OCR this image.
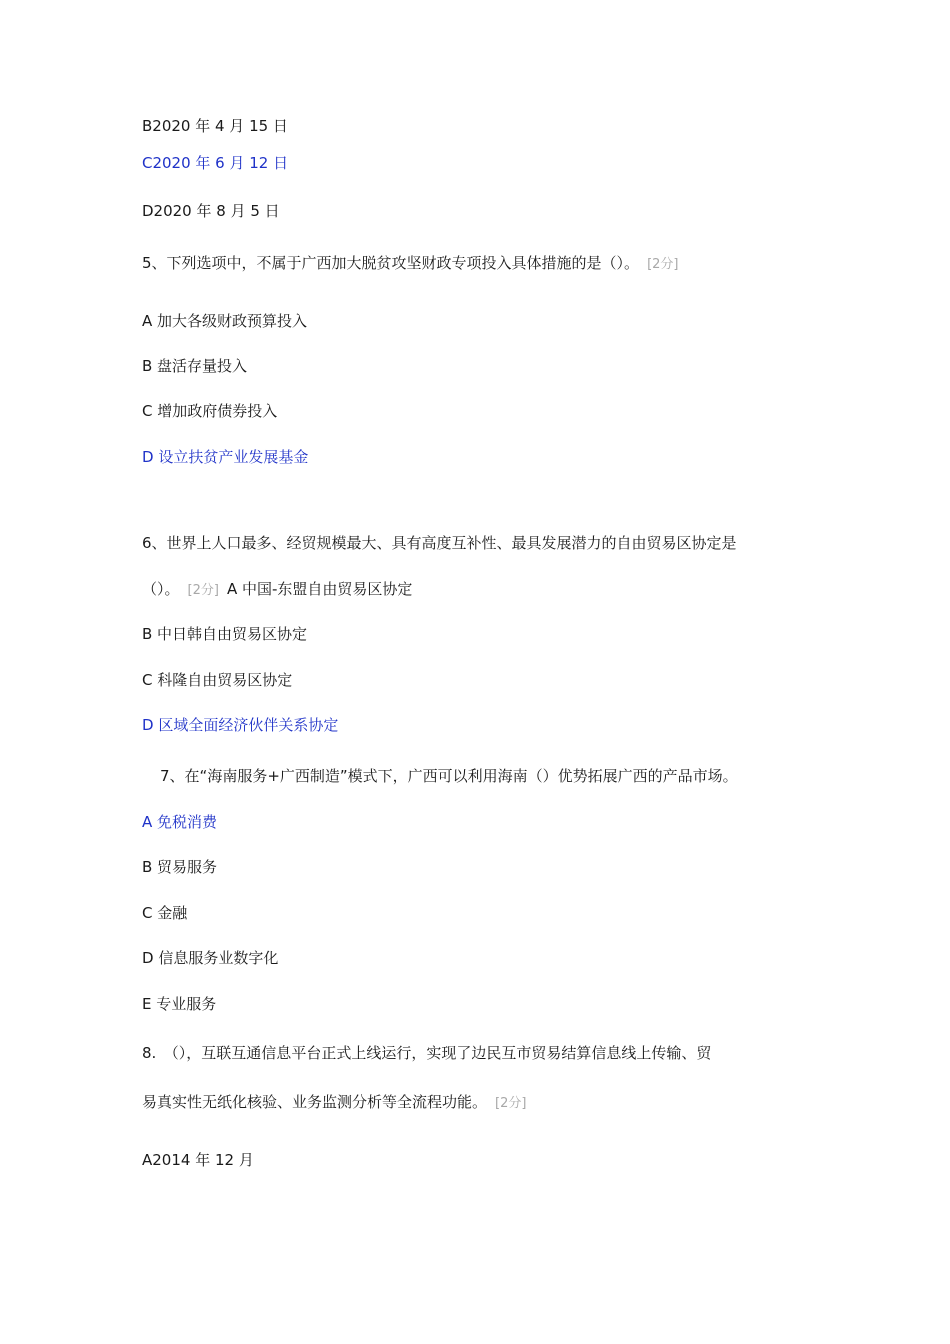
B2020 年 4 月 15 日
C2020 年 6 月 12 日
D2020 年 8 月 5 日
5、下列选项中，不属于广西加大脱贫攻坚财政专项投入具体措施的是（）。 [2分]
A 加大各级财政预算投入
B 盘活存量投入
C 增加政府债券投入
D 设立扶贫产业发展基金
6、世界上人口最多、经贸规模最大、具有高度互补性、最具发展潜力的自由贸易区协定是
（）。 [2分] A 中国-东盟自由贸易区协定
B 中日韩自由贸易区协定
C 科隆自由贸易区协定
D 区域全面经济伙伴关系协定
7、在“海南服务+广西制造”模式下，广西可以利用海南（）优势拓展广西的产品市场。
A 免税消费
B 贸易服务
C 金融
D 信息服务业数字化
E 专业服务
8.　（），互联互通信息平台正式上线运行，实现了边民互市贸易结算信息线上传输、贸
易真实性无纸化核验、业务监测分析等全流程功能。 [2分]
A2014 年 12 月
